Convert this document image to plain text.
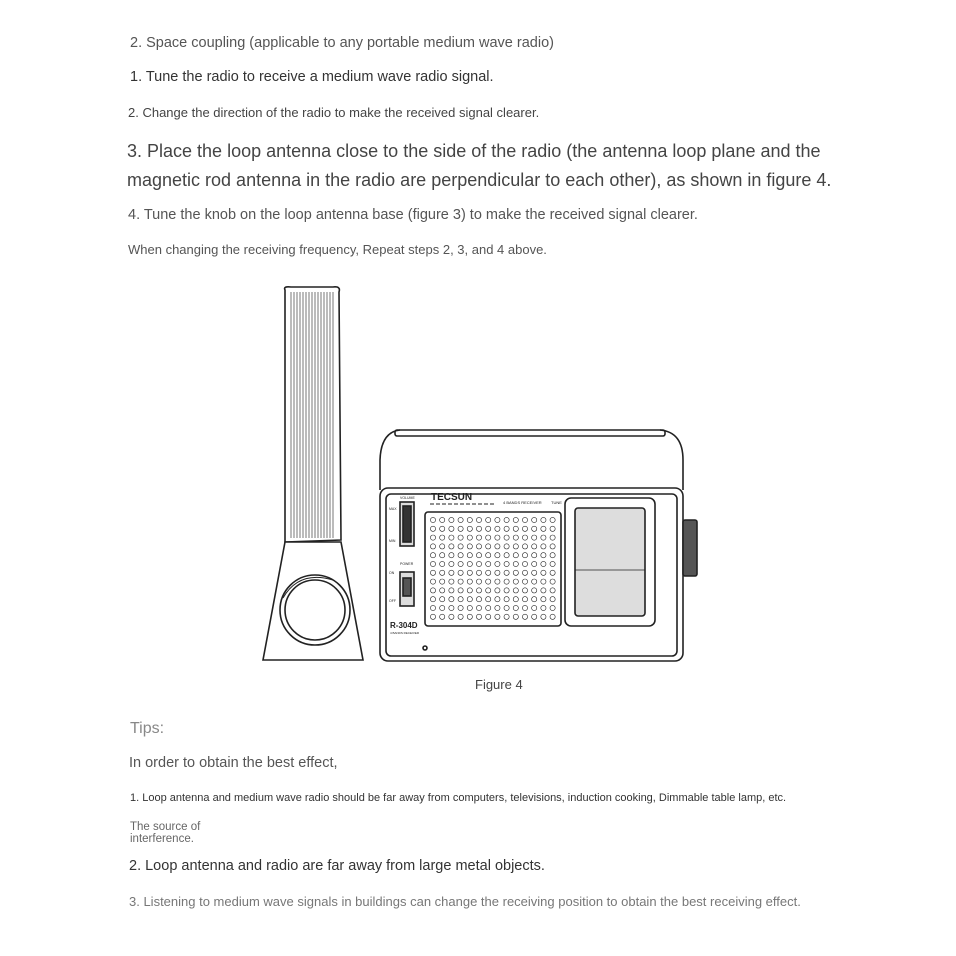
2. Space coupling (applicable to any portable medium wave radio)

1. Tune the radio to receive a medium wave radio signal.

2. Change the direction of the radio to make the received signal clearer.

3. Place the loop antenna close to the side of the radio (the antenna loop plane and the magnetic rod antenna in the radio are perpendicular to each other), as shown in figure 4.

4. Tune the knob on the loop antenna base (figure 3) to make the received signal clearer.

When changing the receiving frequency, Repeat steps 2, 3, and 4 above.

TECSUN	4 BANDS RECEIVER TUNE
VOLUME
MAX
MIN
POWER
ON
OFF
R-304D
4 BANDS RECEIVER

Figure 4

Tips:

In order to obtain the best effect,

1. Loop antenna and medium wave radio should be far away from computers, televisions, induction cooking, Dimmable table lamp, etc.

The source of interference.

2. Loop antenna and radio are far away from large metal objects.

3. Listening to medium wave signals in buildings can change the receiving position to obtain the best receiving effect.
